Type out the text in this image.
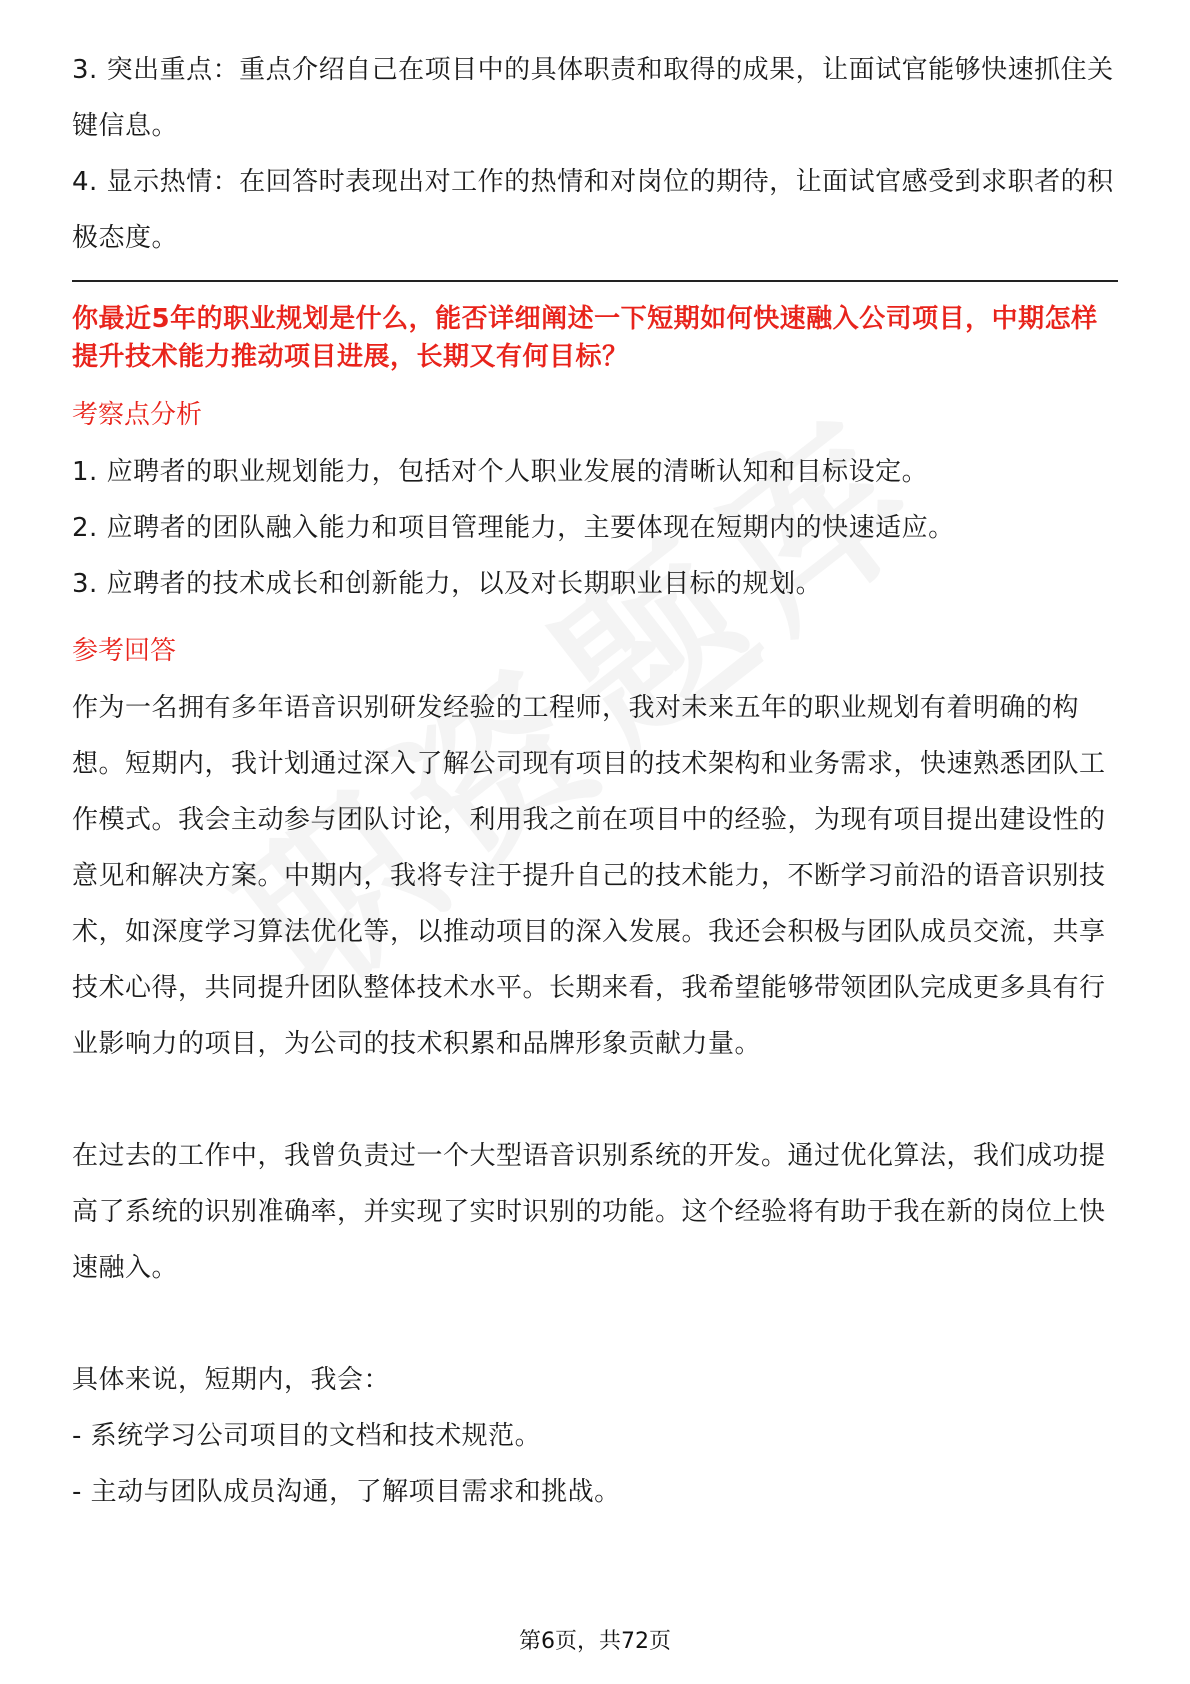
3. 突出重点：重点介绍自己在项目中的具体职责和取得的成果，让面试官能够快速抓住关键信息。

4. 显示热情：在回答时表现出对工作的热情和对岗位的期待，让面试官感受到求职者的积极态度。

你最近5年的职业规划是什么，能否详细阐述一下短期如何快速融入公司项目，中期怎样提升技术能力推动项目进展，长期又有何目标？

考察点分析

1. 应聘者的职业规划能力，包括对个人职业发展的清晰认知和目标设定。

2. 应聘者的团队融入能力和项目管理能力，主要体现在短期内的快速适应。

3. 应聘者的技术成长和创新能力，以及对长期职业目标的规划。

参考回答

作为一名拥有多年语音识别研发经验的工程师，我对未来五年的职业规划有着明确的构想。短期内，我计划通过深入了解公司现有项目的技术架构和业务需求，快速熟悉团队工作模式。我会主动参与团队讨论，利用我之前在项目中的经验，为现有项目提出建设性的意见和解决方案。中期内，我将专注于提升自己的技术能力，不断学习前沿的语音识别技术，如深度学习算法优化等，以推动项目的深入发展。我还会积极与团队成员交流，共享技术心得，共同提升团队整体技术水平。长期来看，我希望能够带领团队完成更多具有行业影响力的项目，为公司的技术积累和品牌形象贡献力量。

在过去的工作中，我曾负责过一个大型语音识别系统的开发。通过优化算法，我们成功提高了系统的识别准确率，并实现了实时识别的功能。这个经验将有助于我在新的岗位上快速融入。

具体来说，短期内，我会：

- 系统学习公司项目的文档和技术规范。

- 主动与团队成员沟通，了解项目需求和挑战。

第6页，共72页
